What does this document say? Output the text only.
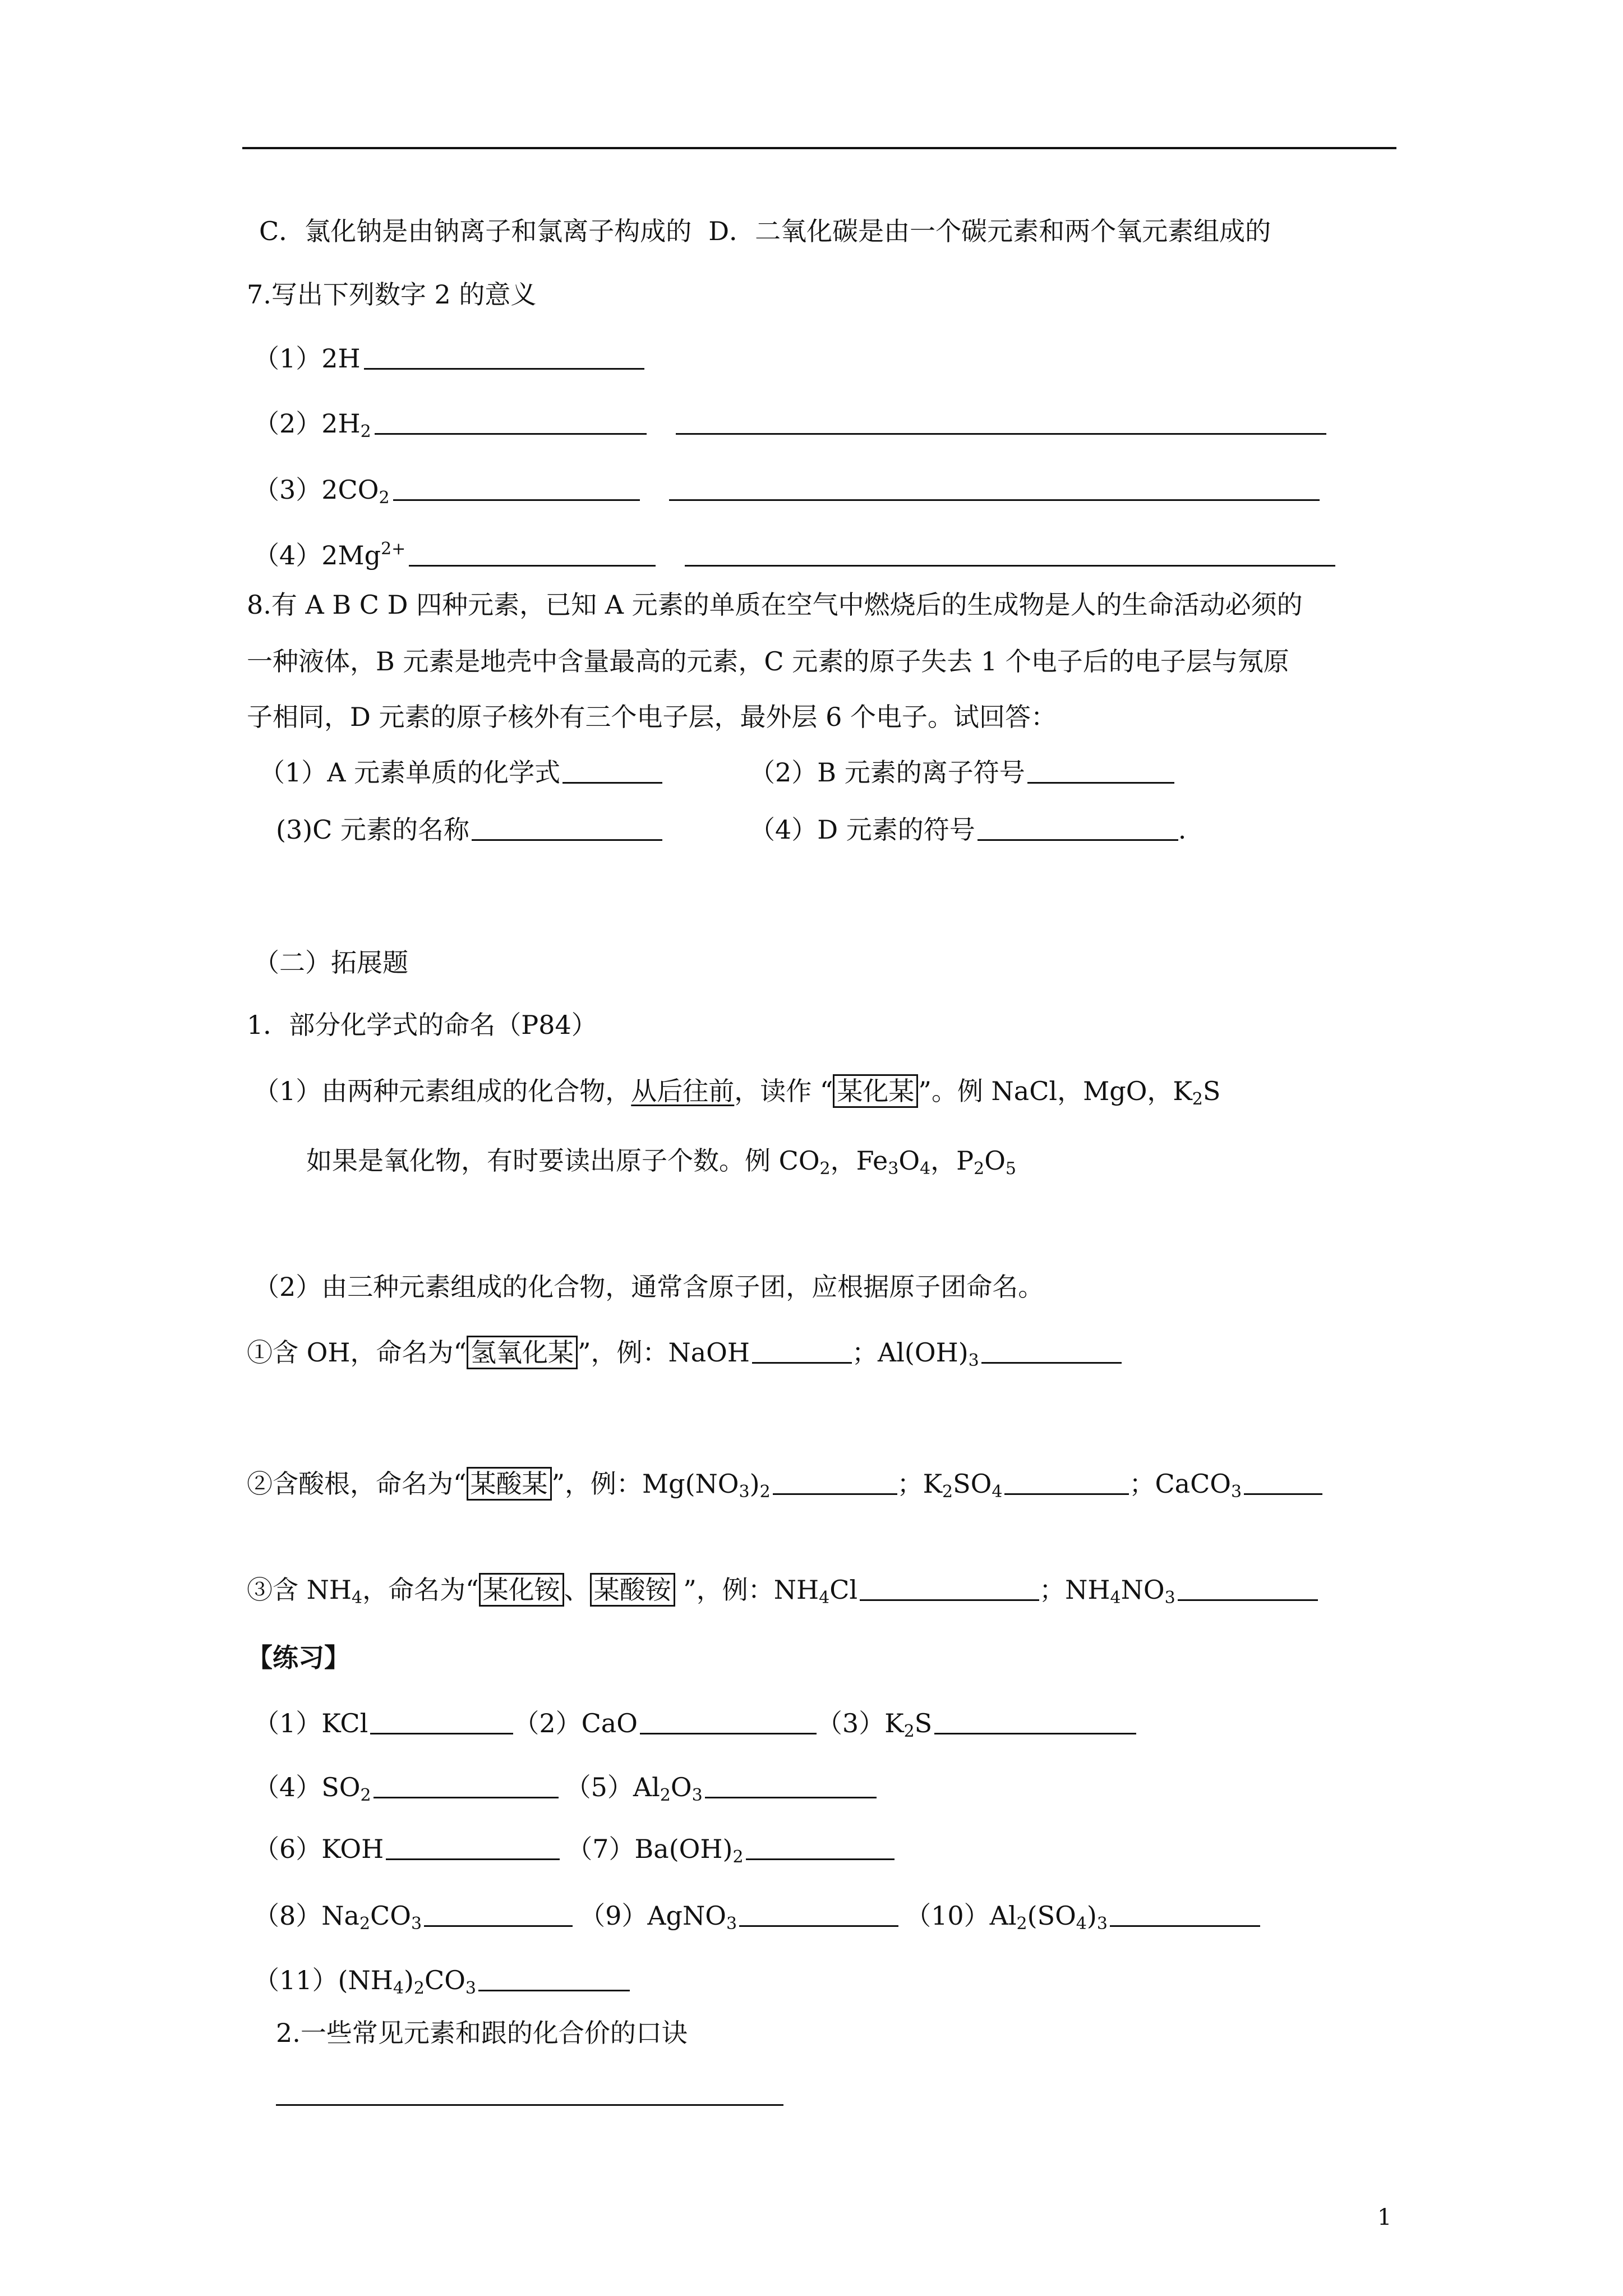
C．氯化钠是由钠离子和氯离子构成的 D．二氧化碳是由一个碳元素和两个氧元素组成的
7.写出下列数字 2 的意义
（1）2H
$(2)2H_2$
$(3)2CO_2$
$(4)2Mg^{2+}$
8.有 A B C D 四种元素，已知 A 元素的单质在空气中燃烧后的生成物是人的生命活动必须的
一种液体，B 元素是地壳中含量最高的元素，C 元素的原子失去 1 个电子后的电子层与氖原
子相同，D 元素的原子核外有三个电子层，最外层 6 个电子。试回答：
（1）A 元素单质的化学式	（2）B 元素的离子符号
(3)C 元素的名称	（4）D 元素的符号	.
（二）拓展题
1．部分化学式的命名（P84）
（1）由两种元素组成的化合物，从后往前，读作 “ 某化某 ”。例 NaCl，MgO，$K_2S$
如果是氧化物，有时要读出原子个数。例 $CO_2$，$Fe_3O_4$，$P_2O_5$
（2）由三种元素组成的化合物，通常含原子团，应根据原子团命名。
①含 OH，命名为“ 氢氧化某 ”，例：NaOH	；$Al(OH)_3$
②含酸根，命名为“ 某酸某 ”，例：$Mg(NO_3)_2$	；$K_2SO_4$	；CaCO$_3$
③含 $NH_4$，命名为“ 某化铵 、 某酸铵 ”，例：$NH_4Cl$	；$NH_4NO_3$
【练习】
（1）KCl	（2）CaO	$(3)K_2S$
$(4)SO_2$	$(5)Al_2O_3$
（6）KOH	$(7)Ba(OH)_2$
$(8)Na_2CO_3$	（9）AgNO$_3$	$(10)Al_2(SO_4)_3$
$(11)(NH_4)_2CO_3$
2.一些常见元素和跟的化合价的口诀
1
